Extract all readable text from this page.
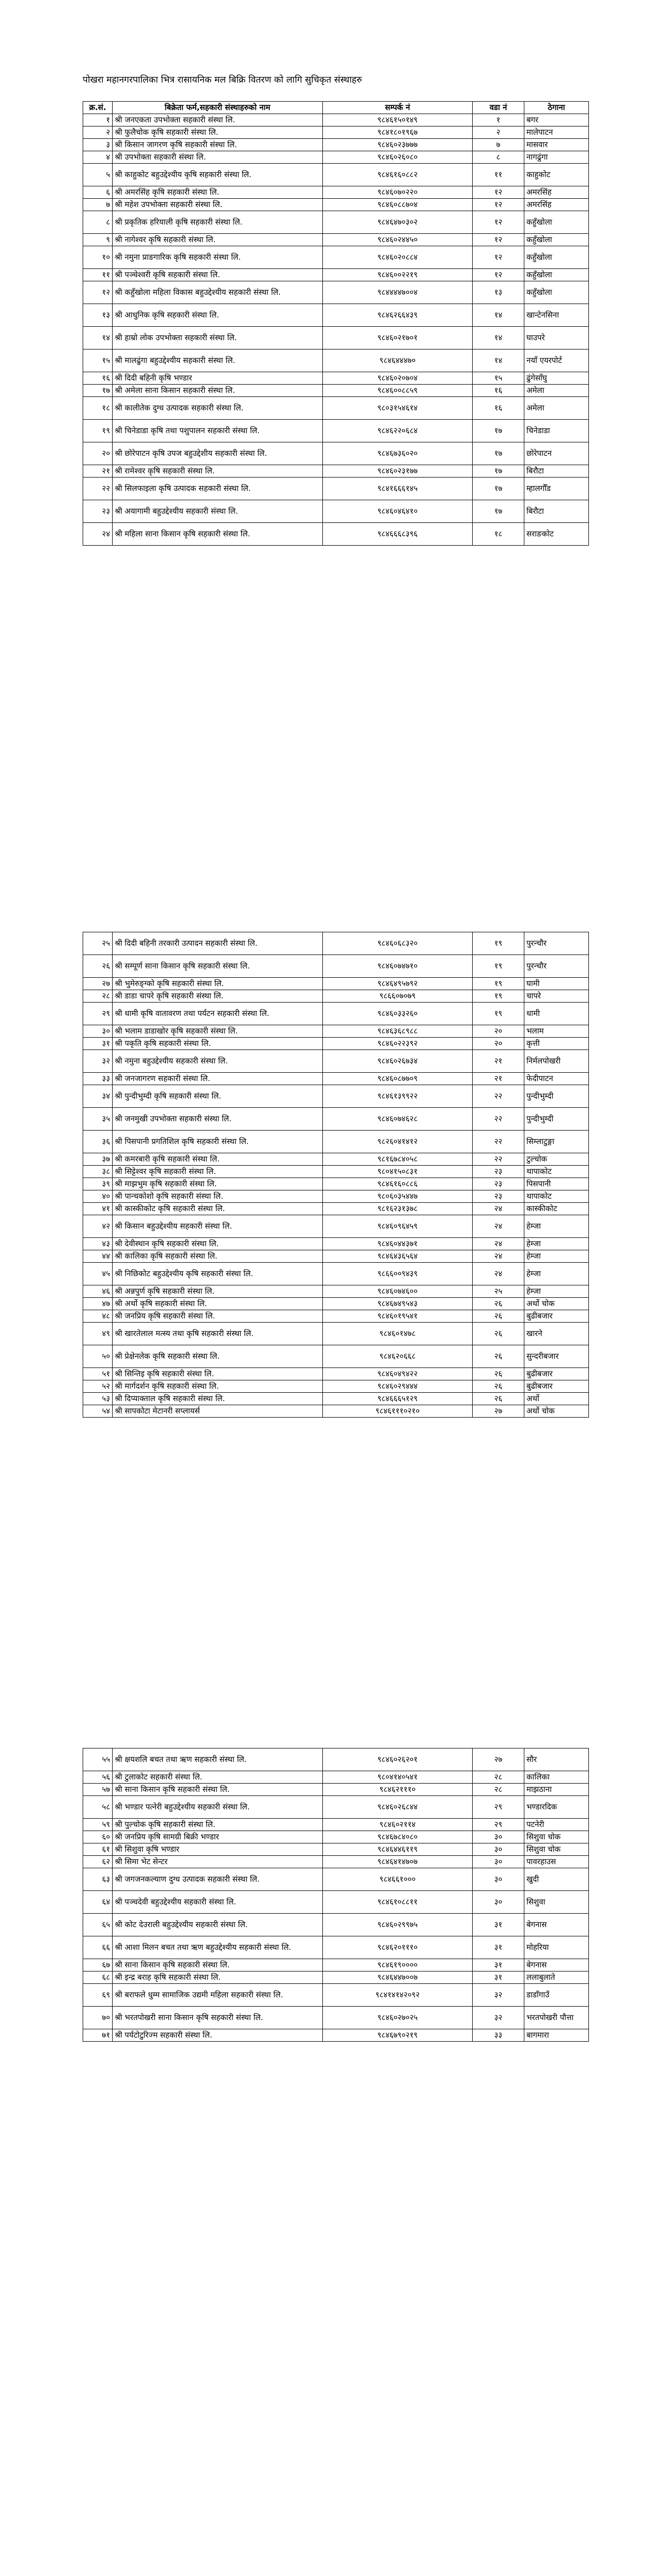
पोखरा महानगरपालिका भित्र रासायनिक मल बिक्रि वितरण को लागि सुचिकृत संस्थाहरु
क्र.सं.	बिक्रेता फर्म,सहकारी संस्थाहरुको नाम	सम्पर्क नं	वडा नं	ठेगाना
१	श्री जनएकता उपभोक्ता सहकारी संस्था लि.	९८४६१५०१४९	१	बगर
२	श्री फुलैचोक कृषि सहकारी संस्था लि.	९८४१८०१९६७	२	मालेपाटन
३	श्री किसान जागरण कृषि सहकारी संस्था लि.	९८४६०२३७७७	७	मासवार
४	श्री उपभोक्ता सहकारी संस्था लि.	९८४६०२६०८०	८	नागढुंगा
५	श्री काहुकोट बहुउद्देश्यीय कृषि सहकारी संस्था लि.	९८४६१६०८८२	११	काहुकोट
६	श्री अमरसिंह कृषि सहकारी संस्था लि.	९८४६०७०२२०	१२	अमरसिंह
७	श्री महेश उपभोक्ता सहकारी संस्था लि.	९८४६०८८७०४	१२	अमरसिंह
८	श्री प्रकृतिक हरियाली कृषि सहकारी संस्था लि.	९८४६४७०३०२	१२	कहुँखोला
९	श्री नागेश्वर कृषि सहकारी संस्था लि.	९८४६०२४४५०	१२	कहुँखोला
१०	श्री नमुना प्राङगारिक कृषि सहकारी संस्था लि.	९८४६०२०८८४	१२	कहुँखोला
११	श्री पञ्चेश्वरी कृषि सहकारी संस्था लि.	९८४६००२२१९	१२	कहुँखोला
१२	श्री कहुँखोला महिला विकास बहुउद्देश्यीय सहकारी संस्था लि.	९८४४४४७००४	१३	कहुँखोला
१३	श्री आधुनिक कृषि सहकारी संस्था लि.	९८४६२६६४३९	१४	खान्टेनसिना
१४	श्री हाम्रो लोक उपभोक्ता सहकारी संस्था लि.	९८४६०२१७०१	१४	घाउपरे
१५	श्री मालढुंगा बहुउद्देश्यीय सहकारी संस्था लि.	९८४६४४४७०	१४	नयाँ एयरपोर्ट
१६	श्री दिदी बहिनी कृषि भण्डार	९८४६०२०७०४	१५	ढुंगेसाँघु
१७	श्री अमेला साना किसान सहकारी संस्था लि.	९८४६००८८५९	१६	अमेला
१८	श्री कालीतेक दुग्ध उत्पादक सहकारी संस्था लि.	९८०३१५४६१४	१६	अमेला
१९	श्री चिनेडाडा कृषि तथा पशुपालन सहकारी संस्था लि.	९८४६२२०६८४	१७	चिनेडाडा
२०	श्री छोरेपाटन कृषि उपज बहुउद्देशीय सहकारी संस्था लि.	९८४६७३६०२०	१७	छोरेपाटन
२१	श्री रामेश्वर कृषि सहकारी संस्था लि.	९८४६०२३१७७	१७	बिरौटा
२२	श्री सिलफाइला कृषि उत्पादक सहकारी संस्था लि.	९८४१६६६१४५	१७	म्हालगौँड
२३	श्री अयागामी बहुउद्देश्यीय सहकारी संस्था लि.	९८४६०४६४१०	१७	बिरौटा
२४	श्री महिला साना किसान कृषि सहकारी संस्था लि.	९८४६६६८३९६	१८	सराङकोट
२५	श्री दिदी बहिनी तरकारी उत्पादन सहकारी संस्था लि.	९८४६०६८३२०	१९	पुरन्चौर
२६	श्री सम्पूर्ण साना किसान कृषि सहकारी संस्था लि.	९८४६०७४७१०	१९	पुरन्चौर
२७	श्री भुमेरुङ्ग्को कृषि सहकारी संस्था लि.	९८४६४९५७९२	१९	घामी
२८	श्री डाडा चापरे कृषि सहकारी संस्था लि.	९८६६०७०७९	१९	चापरे
२९	श्री धामी कृषि वातावरण तथा पर्यटन सहकारी संस्था लि.	९८४६०३३२६०	१९	धामी
३०	श्री भलाम डाडाखोर कृषि सहकारी संस्था लि.	९८४६३६८९८८	२०	भलाम
३१	श्री पकृति कृषि सहकारी संस्था लि.	९८४६०२२३९२	२०	कृत्ती
३२	श्री नमुना बहुउद्देश्यीय सहकारी संस्था लि.	९८४६०२६७३४	२१	निर्मलपोखरी
३३	श्री जनजागरण सहकारी संस्था लि.	९८४६०८७७०९	२१	फेदीपाटन
३४	श्री पुन्दीभुम्दी कृषि सहकारी संस्था लि.	९८४६१३९९२२	२२	पुन्दीभुम्दी
३५	श्री जनमुखी उपभोक्ता सहकारी संस्था लि.	९८४६०७४६२८	२२	पुन्दीभुम्दी
३६	श्री पिसपानी प्रगतिशिल कृषि सहकारी संस्था लि.	९८२६०४१४१२	२२	सिम्लाटुङ्गा
३७	श्री कमरबारी कृषि सहकारी संस्था लि.	९८१६७८४०५८	२२	टुल्चोक
३८	श्री सिट्टेश्वर कृषि सहकारी संस्था लि.	९८०४१५०८३१	२३	थापाकोट
३९	श्री माझभुम कृषि सहकारी संस्था लि.	९८४६१६०८८६	२३	पिसपानी
४०	श्री पान्चकोशो कृषि सहकारी संस्था लि.	९८०६०३५४४७	२३	थापाकोट
४१	श्री कास्कीकोट कृषि सहकारी संस्था लि.	९८१६२३१३७८	२४	कास्कीकोट
४२	श्री किसान बहुउद्देश्यीय सहकारी संस्था लि.	९८४६०९६४५९	२४	हेम्जा
४३	श्री देवीस्थान कृषि सहकारी संस्था लि.	९८४६०४४३७१	२४	हेम्जा
४४	श्री कालिका कृषि सहकारी संस्था लि.	९८४६४३६५६४	२४	हेम्जा
४५	श्री निछिकोट बहुउद्देश्यीय कृषि सहकारी संस्था लि.	९८६६००९४३९	२४	हेम्जा
४६	श्री अन्नपुर्ण कृषि सहकारी संस्था लि.	९८४६०७४६००	२५	हेम्जा
४७	श्री अर्थो कृषि सहकारी संस्था लि.	९८४६७४९५४३	२६	अर्थो चोक
४८	श्री जनप्रिय कृषि सहकारी संस्था लि.	९८४६०१९५४१	२६	बुढीबजार
४९	श्री खारतेलाल मत्स्य तथा कृषि सहकारी संस्था लि.	९८४६०१४७८	२६	खारने
५०	श्री प्रेक्षेनलेक कृषि सहकारी संस्था लि.	९८४६२०६६८	२६	सुन्दरीबजार
५१	श्री सिन्तिइ कृषि सहकारी संस्था लि.	९८४६०४९४२२	२६	बुढीबजार
५२	श्री मार्गदर्शन कृषि सहकारी संस्था लि.	९८४६०२९४४४	२६	बुढीबजार
५३	श्री दिप्याक्ताल कृषि सहकारी संस्था लि.	९८४६६६५१२९	२६	अर्थो
५४	श्री सापकोटा मेटानरी सप्लायर्स	९८४६१११०२१०	२७	अर्थो चोक
५५	श्री क्षयशलि बचत तथा ऋण सहकारी संस्था लि.	९८४६०२६२०१	२७	सौर
५६	श्री टुलाकोट सहकारी संस्था लि.	९८०४१४०५४१	२८	कालिका
५७	श्री साना किसान कृषि सहकारी संस्था लि.	९८४६२१११०	२८	माझठाना
५८	श्री भण्डार पत्नेरी बहुउद्देश्यीय सहकारी संस्था लि.	९८४६०२६८४४	२९	भण्डारदिक
५९	श्री पुल्चोक कृषि सहकारी संस्था लि.	९८४६०२११४	२९	पटनेरी
६०	श्री जनप्रिय कृषि सामग्री बिक्री भण्डार	९८४६७८४०८०	३०	सिशुवा चोक
६१	श्री सिशुवा कृषि भण्डार	९८४६४४६११९	३०	सिशुवा चोक
६२	श्री सिमा भेट सेन्टर	९८४६४१४७०७	३०	पावरहाउस
६३	श्री जगजनकल्याण दुग्ध उत्पादक सहकारी संस्था लि.	९८४६६१०००	३०	खुदी
६४	श्री पञ्चदेवी बहुउद्देश्यीय सहकारी संस्था लि.	९८४६१०८८११	३०	सिशुवा
६५	श्री कोट देउराली बहुउद्देश्यीय सहकारी संस्था लि.	९८४६०२९९७५	३१	बेगनास
६६	श्री आशा मिलन बचत तथा ऋण बहुउद्देश्यीय सहकारी संस्था लि.	९८४६२०१११०	३१	मोहरिया
६७	श्री साना किसान कृषि सहकारी संस्था लि.	९८४६१९००००	३१	बेगनास
६८	श्री इन्द्र बराह कृषि सहकारी संस्था लि.	९८४६४४७००७	३१	ललाबुलाते
६९	श्री बराफले धुम्म सामाजिक उद्यमी महिला सहकारी संस्था लि.	९८४१४१४२०९२	३२	डाडाँगाउँ
७०	श्री भरतपोखरी साना किसान कृषि सहकारी संस्था लि.	९८४६०२७०२५	३२	भरतपोखरी पौत्ता
७१	श्री पर्यटोटुरिज्म सहकारी संस्था लि.	९८४६७९०२१९	३३	बागमारा
